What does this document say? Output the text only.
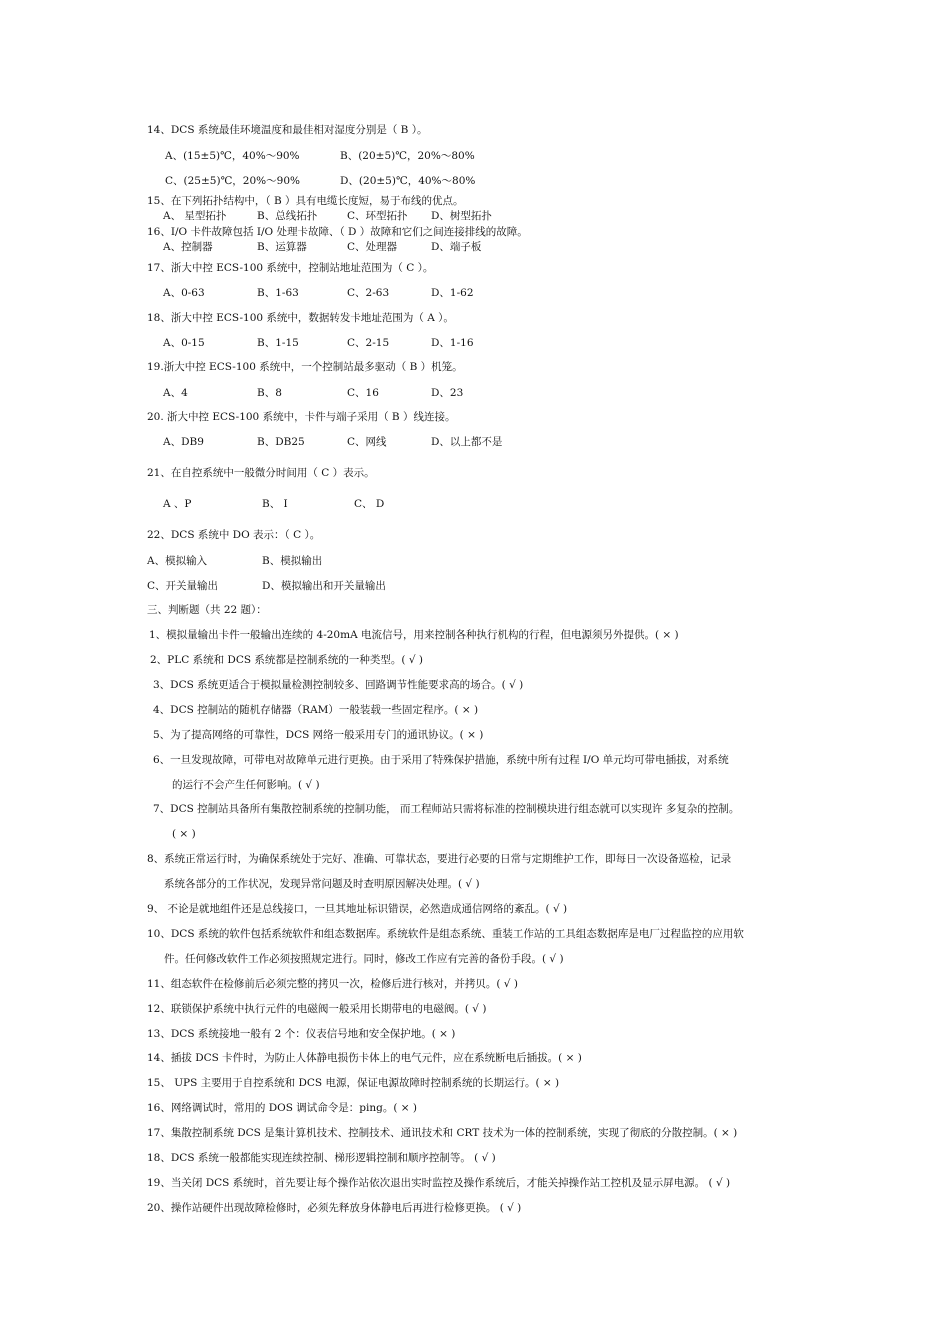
14、DCS 系统最佳环境温度和最佳相对湿度分别是（ B ）。
A、(15±5)℃，40%～90%	B、(20±5)℃，20%～80%
C、(25±5)℃，20%～90%	D、(20±5)℃，40%～80%
15、在下列拓扑结构中，（ B ）具有电缆长度短，易于布线的优点。
A、 星型拓扑	B、总线拓扑	C、环型拓扑 D、树型拓扑
16、I/O 卡件故障包括 I/O 处理卡故障、（ D ）故障和它们之间连接排线的故障。
A、控制器	B、运算器	C、处理器	D、端子板
17、浙大中控 ECS-100 系统中，控制站地址范围为（ C ）。
A、0-63	B、1-63	C、2-63	D、1-62
18、浙大中控 ECS-100 系统中，数据转发卡地址范围为（ A ）。
A、0-15	B、1-15	C、2-15	D、1-16
19.浙大中控 ECS-100 系统中，一个控制站最多驱动（ B ）机笼。
A、4	B、8	C、16	D、23
20. 浙大中控 ECS-100 系统中，卡件与端子采用（ B ）线连接。
A、DB9	B、DB25	C、网线	D、以上都不是
21、在自控系统中一般微分时间用（ C ）表示。
A 、P	B、 I	C、 D
22、DCS 系统中 DO 表示：（ C ）。
A、模拟输入	B、模拟输出
C、开关量输出	D、模拟输出和开关量输出
三、判断题（共 22 题）：
1、模拟量输出卡件一般输出连续的 4-20mA 电流信号，用来控制各种执行机构的行程，但电源须另外提供。( × )
2、PLC 系统和 DCS 系统都是控制系统的一种类型。( √ )
3、DCS 系统更适合于模拟量检测控制较多、回路调节性能要求高的场合。( √ )
4、DCS 控制站的随机存储器（RAM）一般装载一些固定程序。( × )
5、为了提高网络的可靠性，DCS 网络一般采用专门的通讯协议。( × )
6、一旦发现故障，可带电对故障单元进行更换。由于采用了特殊保护措施，系统中所有过程 I/O 单元均可带电插拔，对系统
的运行不会产生任何影响。( √ )
7、DCS 控制站具备所有集散控制系统的控制功能， 而工程师站只需将标准的控制模块进行组态就可以实现许 多复杂的控制。
( × )
8、系统正常运行时，为确保系统处于完好、准确、可靠状态，要进行必要的日常与定期维护工作，即每日一次设备巡检，记录
系统各部分的工作状况，发现异常问题及时查明原因解决处理。( √ )
9、 不论是就地组件还是总线接口，一旦其地址标识错误，必然造成通信网络的紊乱。( √ )
10、DCS 系统的软件包括系统软件和组态数据库。系统软件是组态系统、重装工作站的工具组态数据库是电厂过程监控的应用软
件。任何修改软件工作必须按照规定进行。同时，修改工作应有完善的备份手段。( √ )
11、组态软件在检修前后必须完整的拷贝一次，检修后进行核对，并拷贝。( √ )
12、联锁保护系统中执行元件的电磁阀一般采用长期带电的电磁阀。( √ )
13、DCS 系统接地一般有 2 个：仪表信号地和安全保护地。( × )
14、插拔 DCS 卡件时，为防止人体静电损伤卡体上的电气元件，应在系统断电后插拔。( × )
15、 UPS 主要用于自控系统和 DCS 电源，保证电源故障时控制系统的长期运行。( × )
16、网络调试时，常用的 DOS 调试命令是：ping。( × )
17、集散控制系统 DCS 是集计算机技术、控制技术、通讯技术和 CRT 技术为一体的控制系统，实现了彻底的分散控制。( × )
18、DCS 系统一般都能实现连续控制、梯形逻辑控制和顺序控制等。 ( √ )
19、当关闭 DCS 系统时，首先要让每个操作站依次退出实时监控及操作系统后，才能关掉操作站工控机及显示屏电源。 ( √ )
20、操作站硬件出现故障检修时，必须先释放身体静电后再进行检修更换。 ( √ )
